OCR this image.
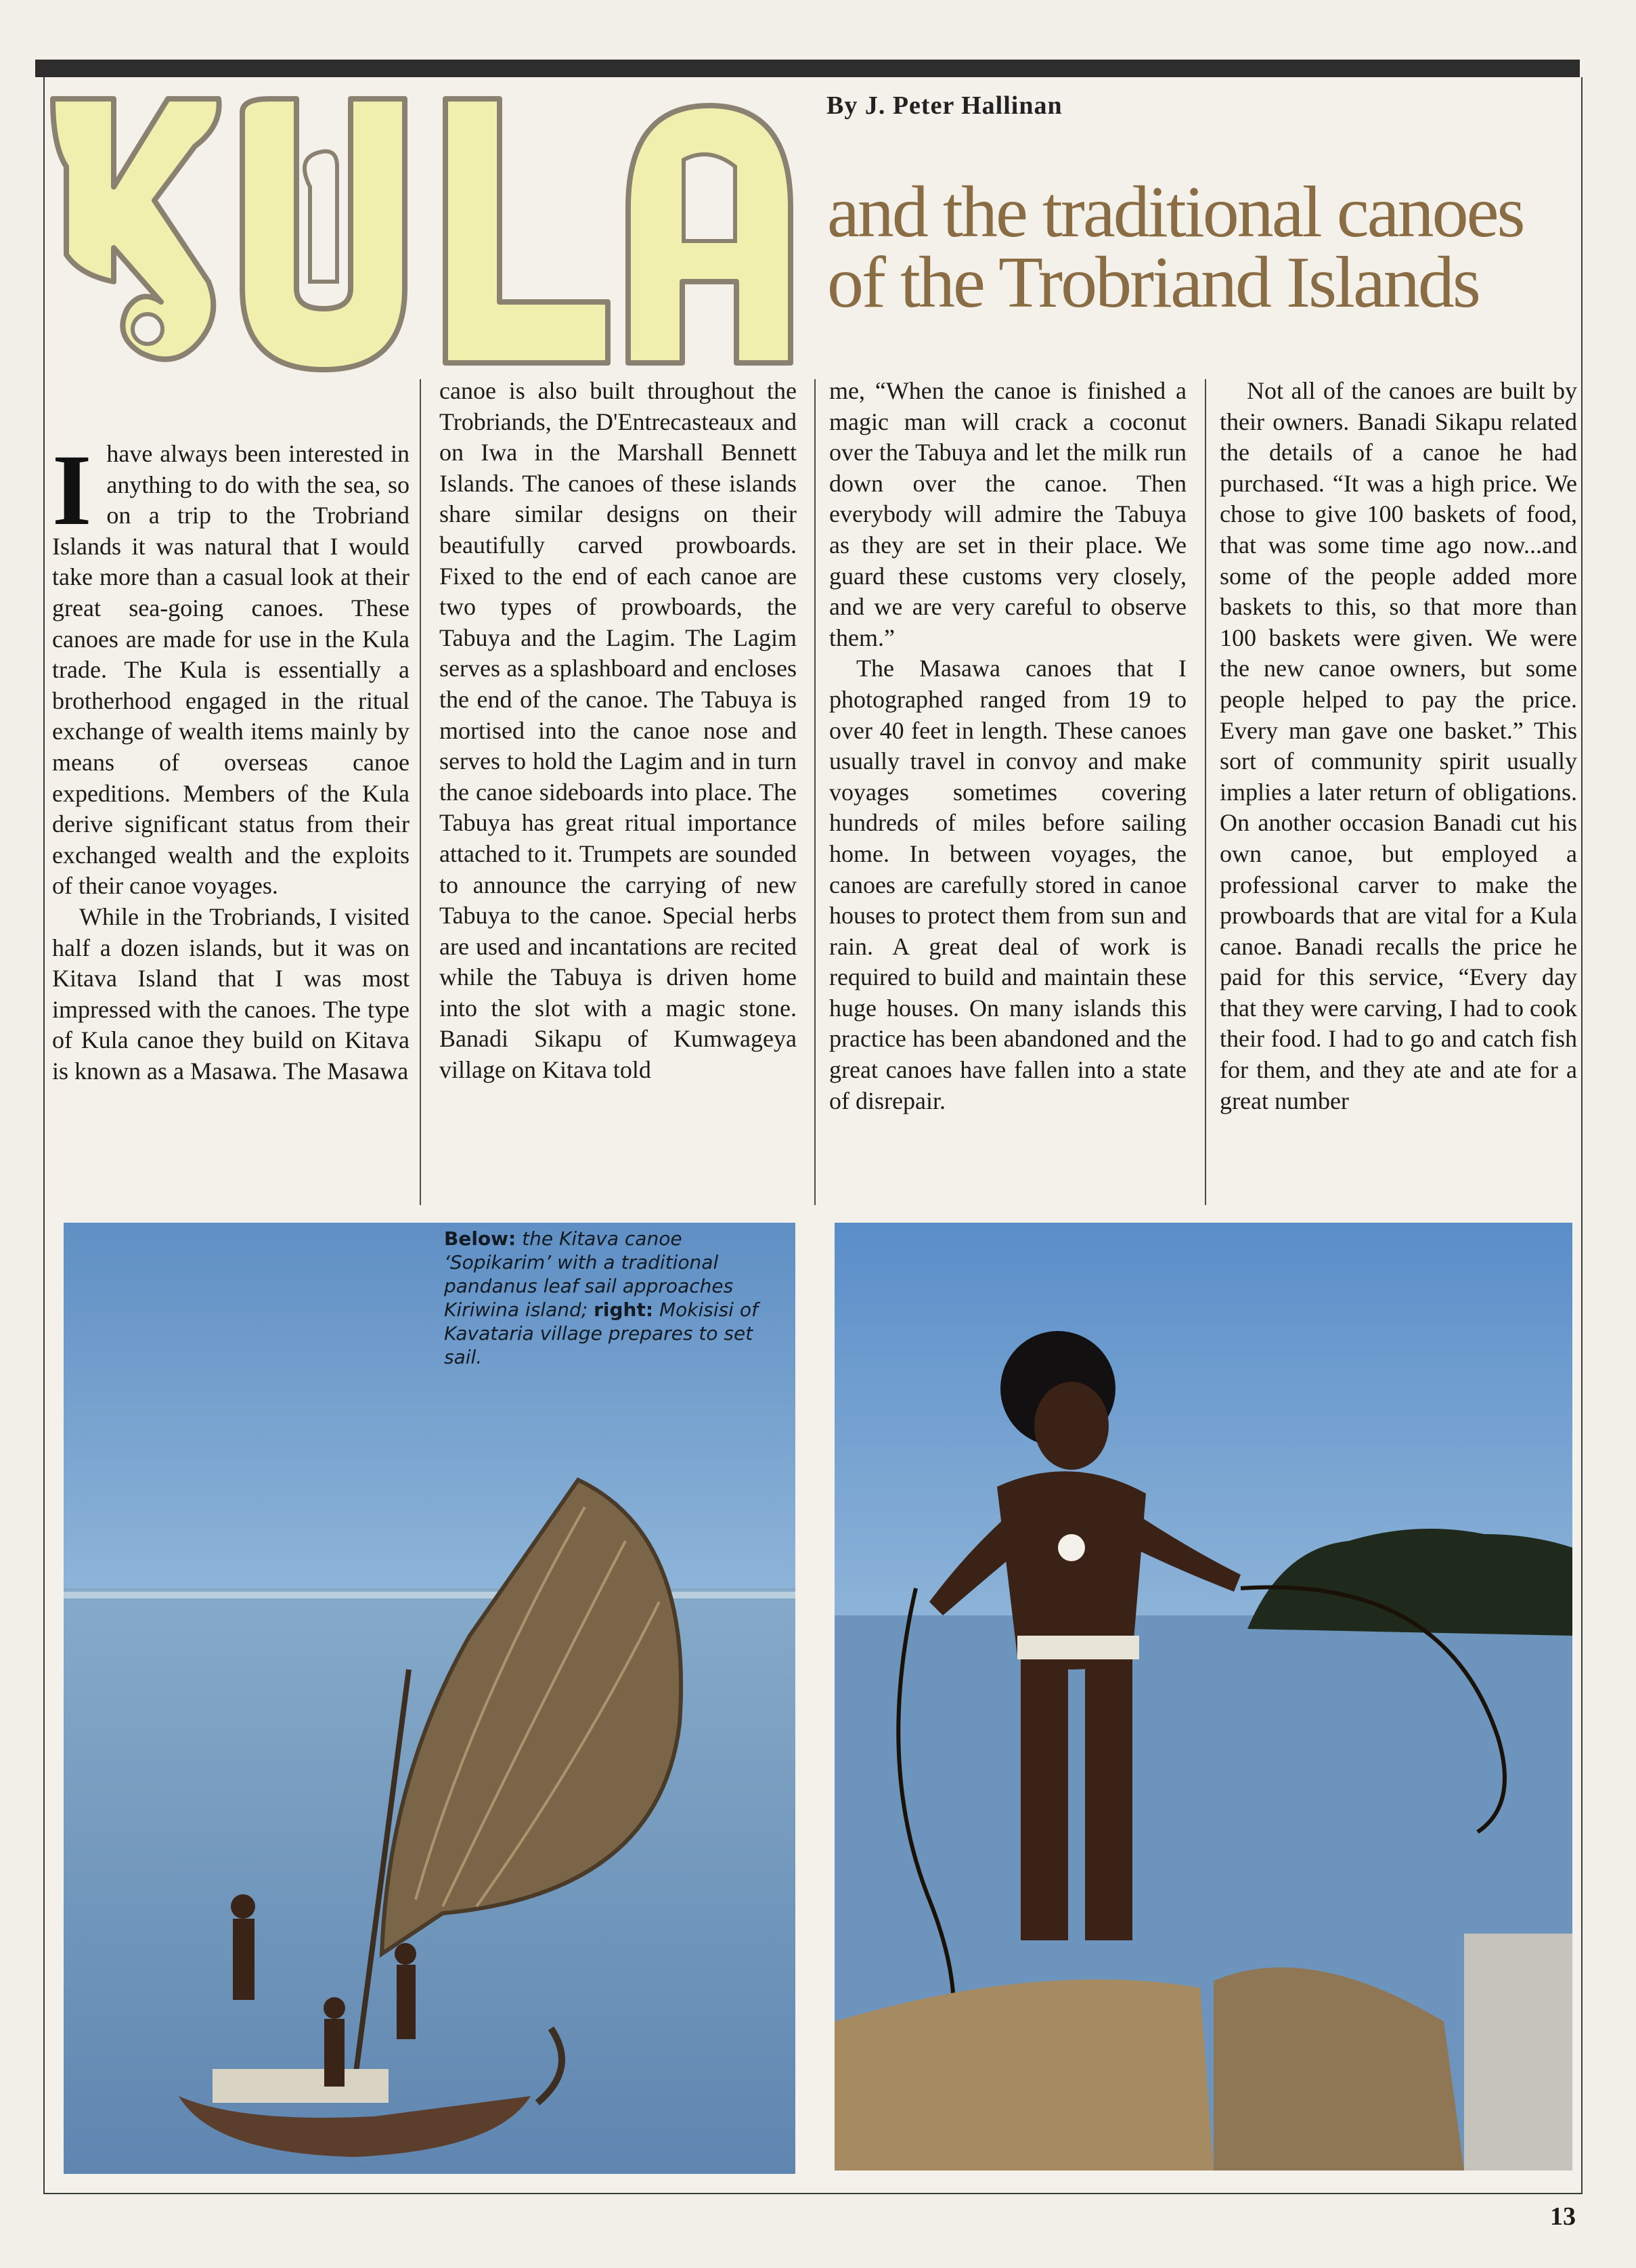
By J. Peter Hallinan
and the traditional canoes
of the Trobriand Islands
I have always been interested in anything to do with the sea, so on a trip to the Trobriand Islands it was natural that I would take more than a casual look at their great sea-going canoes. These canoes are made for use in the Kula trade. The Kula is essentially a brotherhood engaged in the ritual exchange of wealth items mainly by means of overseas canoe expeditions. Members of the Kula derive significant status from their exchanged wealth and the exploits of their canoe voyages.

While in the Trobriands, I visited half a dozen islands, but it was on Kitava Island that I was most impressed with the canoes. The type of Kula canoe they build on Kitava is known as a Masawa. The Masawa

canoe is also built throughout the Trobriands, the D'Entrecasteaux and on Iwa in the Marshall Bennett Islands. The canoes of these islands share similar designs on their beautifully carved prowboards. Fixed to the end of each canoe are two types of prowboards, the Tabuya and the Lagim. The Lagim serves as a splashboard and encloses the end of the canoe. The Tabuya is mortised into the canoe nose and serves to hold the Lagim and in turn the canoe sideboards into place. The Tabuya has great ritual importance attached to it. Trumpets are sounded to announce the carrying of new Tabuya to the canoe. Special herbs are used and incantations are recited while the Tabuya is driven home into the slot with a magic stone. Banadi Sikapu of Kumwageya village on Kitava told

me, “When the canoe is finished a magic man will crack a coconut over the Tabuya and let the milk run down over the canoe. Then everybody will admire the Tabuya as they are set in their place. We guard these customs very closely, and we are very careful to observe them.”

The Masawa canoes that I photographed ranged from 19 to over 40 feet in length. These canoes usually travel in convoy and make voyages sometimes covering hundreds of miles before sailing home. In between voyages, the canoes are carefully stored in canoe houses to protect them from sun and rain. A great deal of work is required to build and maintain these huge houses. On many islands this practice has been abandoned and the great canoes have fallen into a state of disrepair.

Not all of the canoes are built by their owners. Banadi Sikapu related the details of a canoe he had purchased. “It was a high price. We chose to give 100 baskets of food, that was some time ago now...and some of the people added more baskets to this, so that more than 100 baskets were given. We were the new canoe owners, but some people helped to pay the price. Every man gave one basket.” This sort of community spirit usually implies a later return of obligations. On another occasion Banadi cut his own canoe, but employed a professional carver to make the prowboards that are vital for a Kula canoe. Banadi recalls the price he paid for this service, “Every day that they were carving, I had to cook their food. I had to go and catch fish for them, and they ate and ate for a great number

Below: the Kitava canoe ‘Sopikarim’ with a traditional pandanus leaf sail approaches Kiriwina island; right: Mokisisi of Kavataria village prepares to set sail.
13
